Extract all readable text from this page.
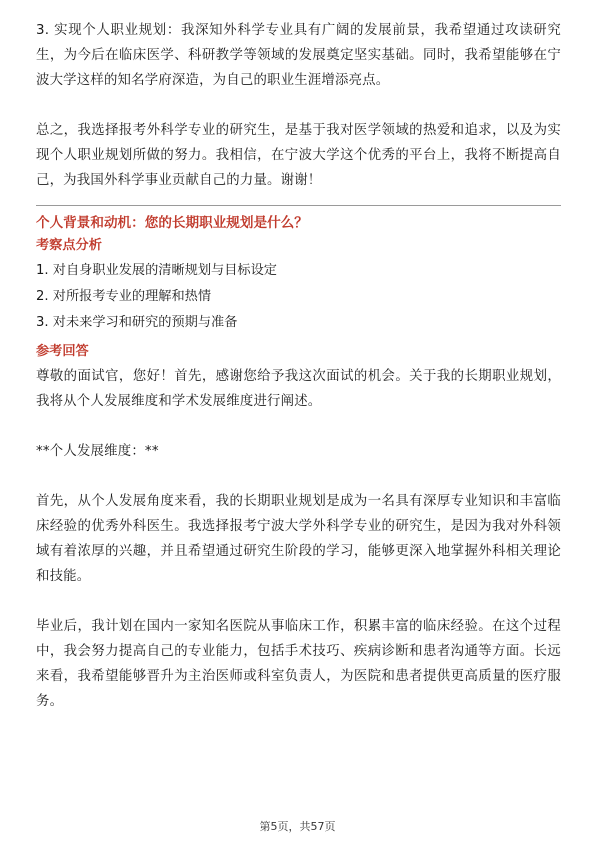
3. 实现个人职业规划：我深知外科学专业具有广阔的发展前景，我希望通过攻读研究生，为今后在临床医学、科研教学等领域的发展奠定坚实基础。同时，我希望能够在宁波大学这样的知名学府深造，为自己的职业生涯增添亮点。

总之，我选择报考外科学专业的研究生，是基于我对医学领域的热爱和追求，以及为实现个人职业规划所做的努力。我相信，在宁波大学这个优秀的平台上，我将不断提高自己，为我国外科学事业贡献自己的力量。谢谢！

个人背景和动机：您的长期职业规划是什么？
考察点分析
1. 对自身职业发展的清晰规划与目标设定
2. 对所报考专业的理解和热情
3. 对未来学习和研究的预期与准备
参考回答

尊敬的面试官，您好！首先，感谢您给予我这次面试的机会。关于我的长期职业规划，我将从个人发展维度和学术发展维度进行阐述。

**个人发展维度：**

首先，从个人发展角度来看，我的长期职业规划是成为一名具有深厚专业知识和丰富临床经验的优秀外科医生。我选择报考宁波大学外科学专业的研究生，是因为我对外科领域有着浓厚的兴趣，并且希望通过研究生阶段的学习，能够更深入地掌握外科相关理论和技能。

毕业后，我计划在国内一家知名医院从事临床工作，积累丰富的临床经验。在这个过程中，我会努力提高自己的专业能力，包括手术技巧、疾病诊断和患者沟通等方面。长远来看，我希望能够晋升为主治医师或科室负责人，为医院和患者提供更高质量的医疗服务。

第5页，共57页
